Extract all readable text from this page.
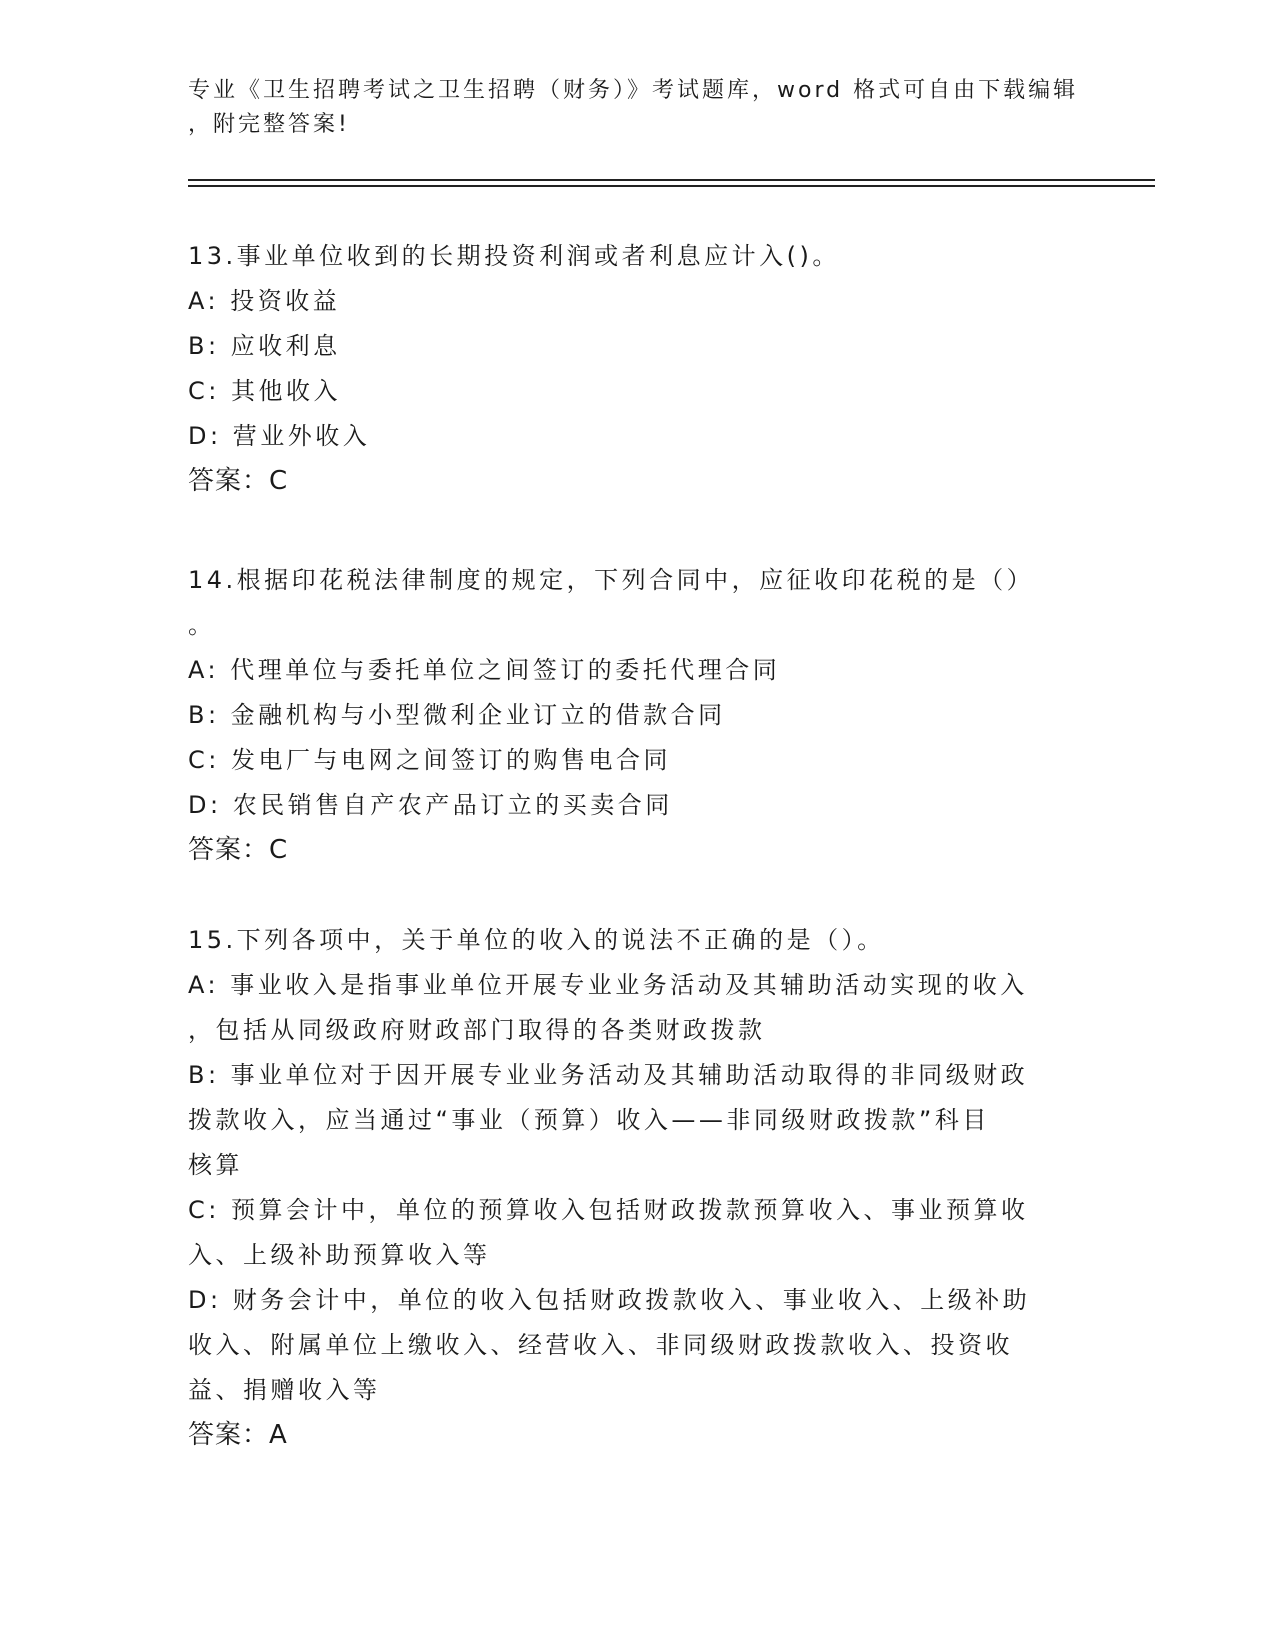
专业《卫生招聘考试之卫生招聘（财务）》考试题库，word 格式可自由下载编辑
，附完整答案!
13.事业单位收到的长期投资利润或者利息应计入()。
A: 投资收益
B: 应收利息
C: 其他收入
D: 营业外收入
答案：C
14.根据印花税法律制度的规定，下列合同中，应征收印花税的是（）
。
A: 代理单位与委托单位之间签订的委托代理合同
B: 金融机构与小型微利企业订立的借款合同
C: 发电厂与电网之间签订的购售电合同
D: 农民销售自产农产品订立的买卖合同
答案：C
15.下列各项中，关于单位的收入的说法不正确的是（）。
A: 事业收入是指事业单位开展专业业务活动及其辅助活动实现的收入
，包括从同级政府财政部门取得的各类财政拨款
B: 事业单位对于因开展专业业务活动及其辅助活动取得的非同级财政
拨款收入，应当通过“事业（预算）收入——非同级财政拨款”科目
核算
C: 预算会计中，单位的预算收入包括财政拨款预算收入、事业预算收
入、上级补助预算收入等
D: 财务会计中，单位的收入包括财政拨款收入、事业收入、上级补助
收入、附属单位上缴收入、经营收入、非同级财政拨款收入、投资收
益、捐赠收入等
答案：A
